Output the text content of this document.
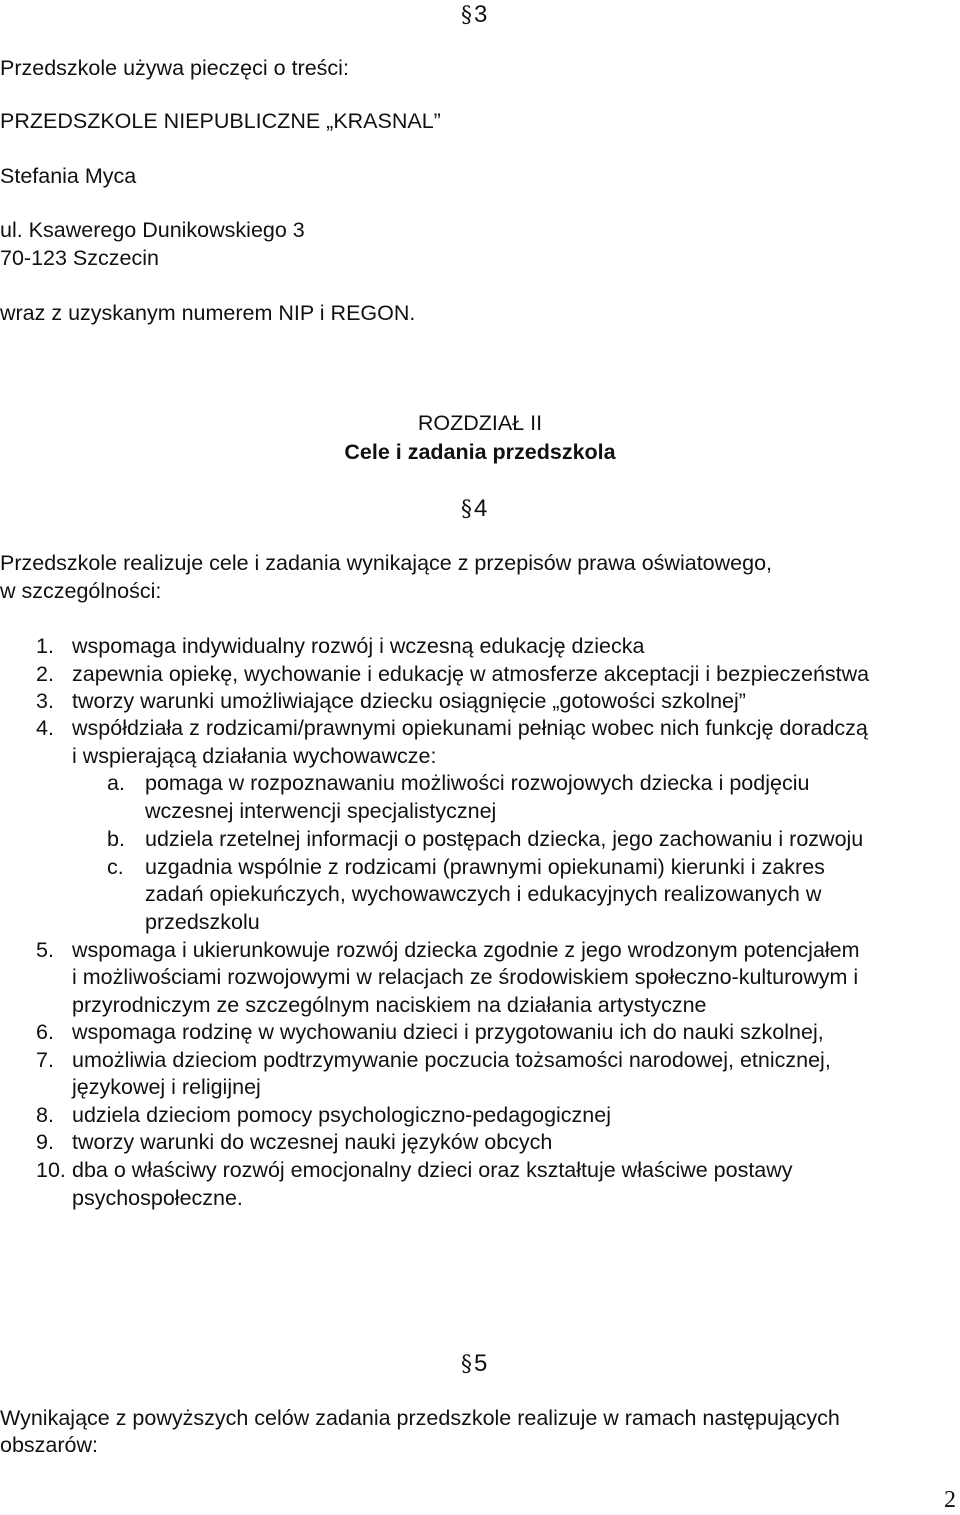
§3
Przedszkole używa pieczęci o treści:
PRZEDSZKOLE NIEPUBLICZNE „KRASNAL”
Stefania Myca
ul. Ksawerego Dunikowskiego 3
70-123 Szczecin
wraz z uzyskanym numerem NIP i REGON.
ROZDZIAŁ II
Cele i zadania przedszkola
§4
Przedszkole realizuje cele i zadania wynikające z przepisów prawa oświatowego,
w szczególności:
1. wspomaga indywidualny rozwój i wczesną edukację dziecka
2. zapewnia opiekę, wychowanie i edukację w atmosferze akceptacji i bezpieczeństwa
3. tworzy warunki umożliwiające dziecku osiągnięcie „gotowości szkolnej”
4. współdziała z rodzicami/prawnymi opiekunami pełniąc wobec nich funkcję doradczą
i wspierającą działania wychowawcze:
a. pomaga w rozpoznawaniu możliwości rozwojowych dziecka i podjęciu
wczesnej interwencji specjalistycznej
b. udziela rzetelnej informacji o postępach dziecka, jego zachowaniu i rozwoju
c. uzgadnia wspólnie z rodzicami (prawnymi opiekunami) kierunki i zakres
zadań opiekuńczych, wychowawczych i edukacyjnych realizowanych w
przedszkolu
5. wspomaga i ukierunkowuje rozwój dziecka zgodnie z jego wrodzonym potencjałem
i możliwościami rozwojowymi w relacjach ze środowiskiem społeczno-kulturowym i
przyrodniczym ze szczególnym naciskiem na działania artystyczne
6. wspomaga rodzinę w wychowaniu dzieci i przygotowaniu ich do nauki szkolnej,
7. umożliwia dzieciom podtrzymywanie poczucia tożsamości narodowej, etnicznej,
językowej i religijnej
8. udziela dzieciom pomocy psychologiczno-pedagogicznej
9. tworzy warunki do wczesnej nauki języków obcych
10. dba o właściwy rozwój emocjonalny dzieci oraz kształtuje właściwe postawy
psychospołeczne.
§5
Wynikające z powyższych celów zadania przedszkole realizuje w ramach następujących
obszarów:
2
